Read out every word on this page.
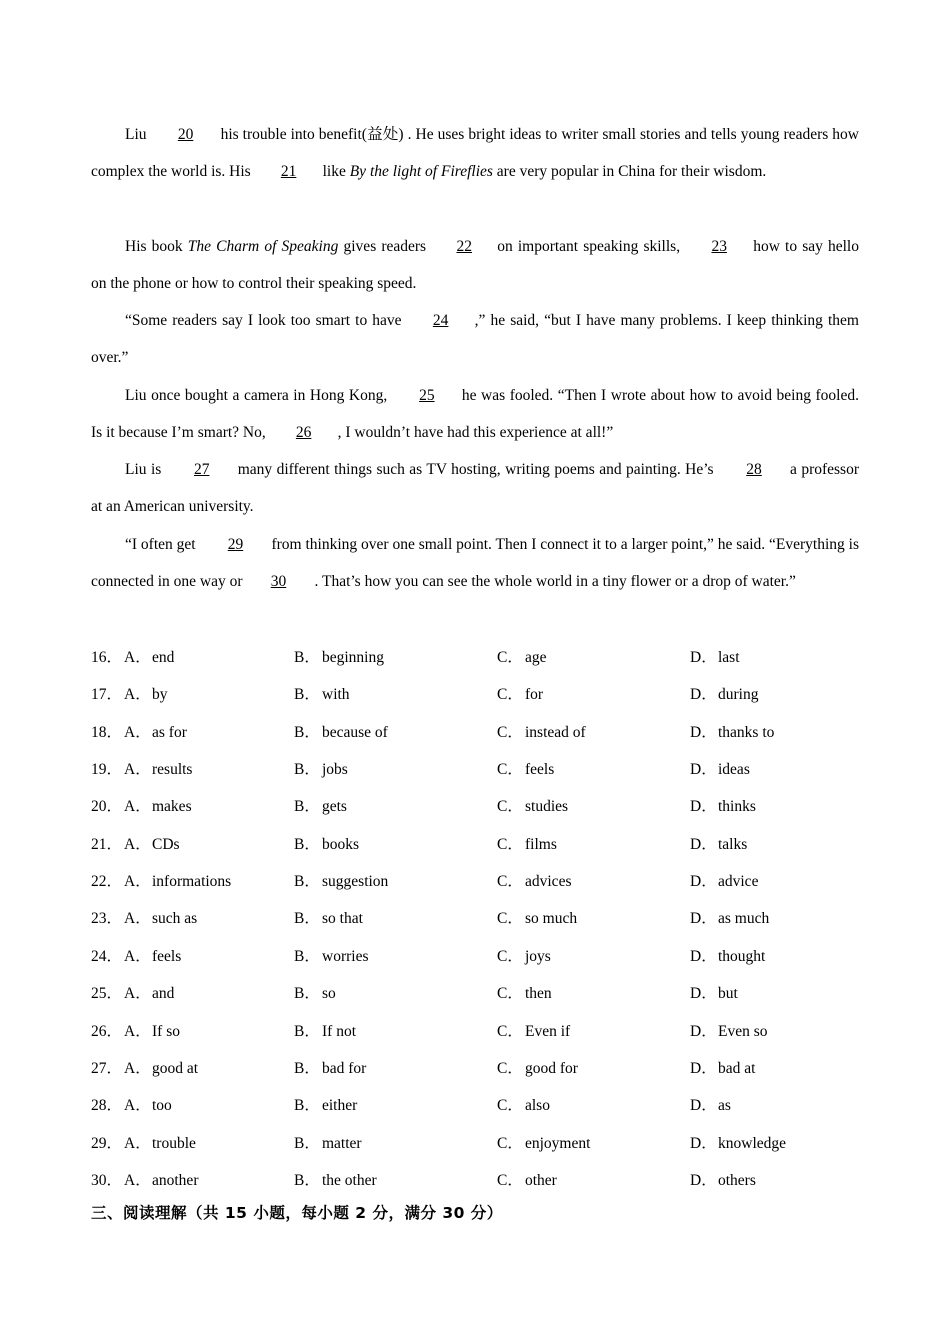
Liu 20 his trouble into benefit(益处) . He uses bright ideas to writer small stories and tells young readers how complex the world is. His 21 like By the light of Fireflies are very popular in China for their wisdom.

His book The Charm of Speaking gives readers 22 on important speaking skills, 23 how to say hello on the phone or how to control their speaking speed.

“Some readers say I look too smart to have 24 ,” he said, “but I have many problems. I keep thinking them over.”

Liu once bought a camera in Hong Kong, 25 he was fooled. “Then I wrote about how to avoid being fooled. Is it because I’m smart? No, 26 , I wouldn’t have had this experience at all!”

Liu is 27 many different things such as TV hosting, writing poems and painting. He’s 28 a professor at an American university.

“I often get 29 from thinking over one small point. Then I connect it to a larger point,” he said. “Everything is connected in one way or 30 . That’s how you can see the whole world in a tiny flower or a drop of water.”

16． A． end	B． beginning	C． age	D． last
17． A． by	B． with	C． for	D． during
18． A． as for	B． because of	C． instead of	D． thanks to
19． A． results	B． jobs	C． feels	D． ideas
20． A． makes	B． gets	C． studies	D． thinks
21． A． CDs	B． books	C． films	D． talks
22． A． informations	B． suggestion	C． advices	D． advice
23． A． such as	B． so that	C． so much	D． as much
24． A． feels	B． worries	C． joys	D． thought
25． A． and	B． so	C． then	D． but
26． A． If so	B． If not	C． Even if	D． Even so
27． A． good at	B． bad for	C． good for	D． bad at
28． A． too	B． either	C． also	D． as
29． A． trouble	B． matter	C． enjoyment	D． knowledge
30． A． another	B． the other	C． other	D． others
三、阅读理解（共 15 小题，每小题 2 分，满分 30 分）
